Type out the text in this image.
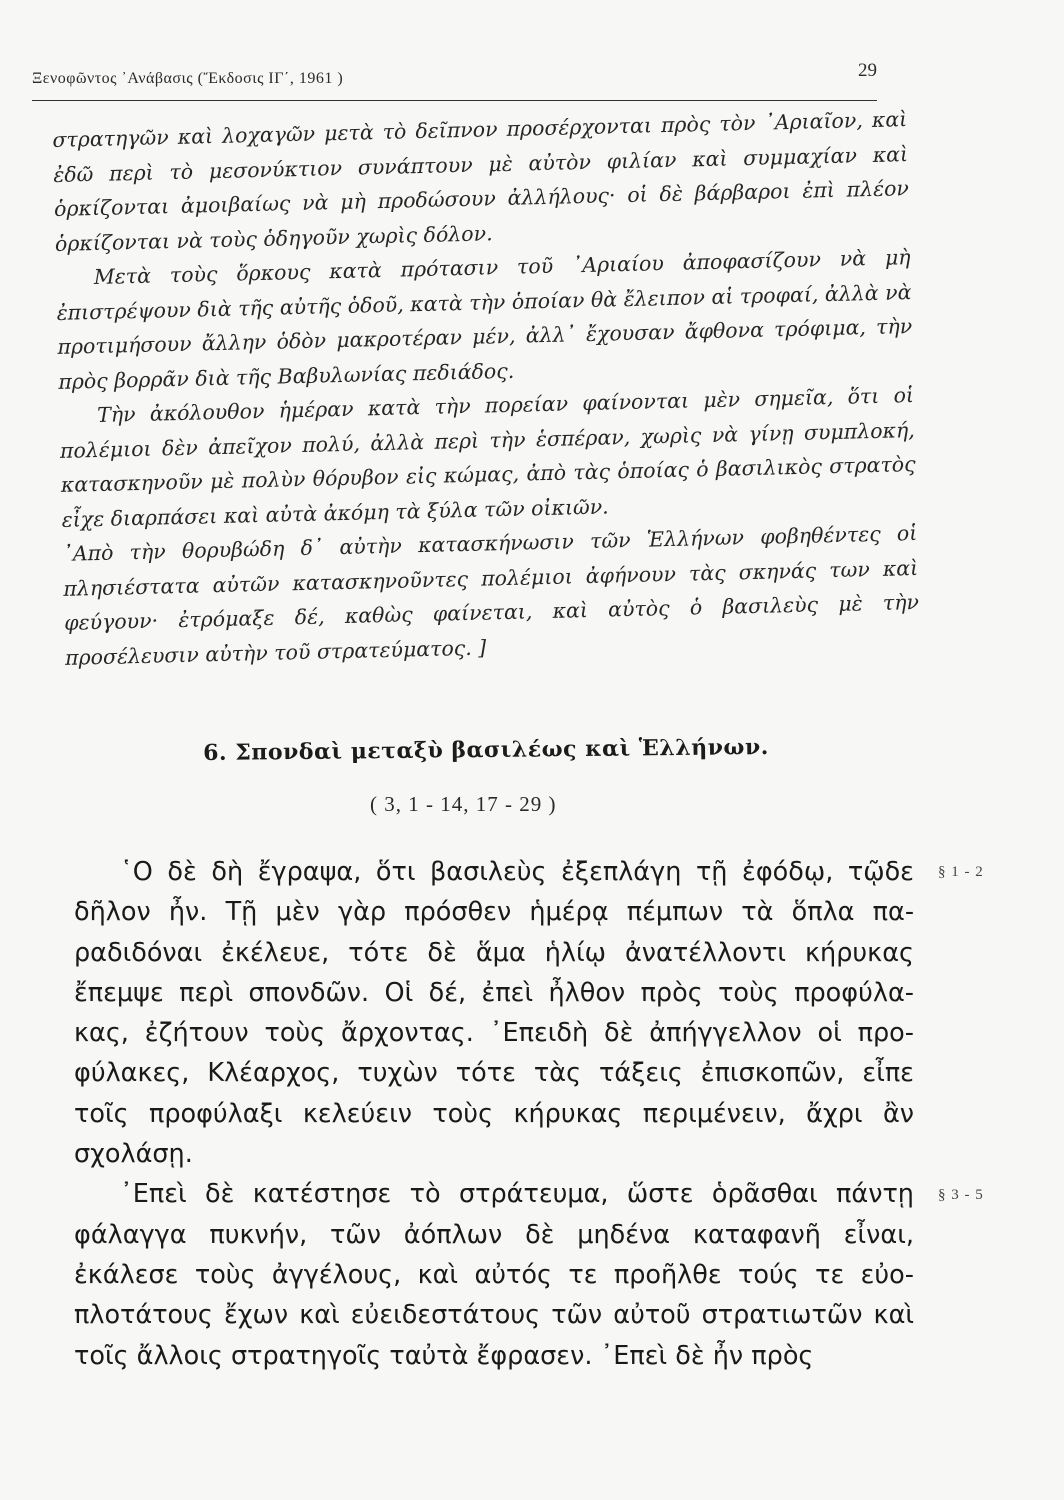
Ξενοφῶντος ᾿Ανάβασις (Ἔκδοσις ΙΓ΄, 1961 )	29

στρατηγῶν καὶ λοχαγῶν μετὰ τὸ δεῖπνον προσέρχονται πρὸς τὸν ᾿Αριαῖον, καὶ ἐδῶ περὶ τὸ μεσονύκτιον συνάπτουν μὲ αὐτὸν φιλίαν καὶ συμμαχίαν καὶ ὁρκίζονται ἀμοιβαίως νὰ μὴ προδώσουν ἀλλήλους· οἱ δὲ βάρβαροι ἐπὶ πλέον ὁρκίζονται νὰ τοὺς ὁδηγοῦν χωρὶς δόλον.

Μετὰ τοὺς ὅρκους κατὰ πρότασιν τοῦ ᾿Αριαίου ἀποφασίζουν νὰ μὴ ἐπιστρέψουν διὰ τῆς αὐτῆς ὁδοῦ, κατὰ τὴν ὁποίαν θὰ ἔλειπον αἱ τροφαί, ἀλλὰ νὰ προτιμήσουν ἄλλην ὁδὸν μακροτέραν μέν, ἀλλ᾿ ἔχουσαν ἄφθονα τρόφιμα, τὴν πρὸς βορρᾶν διὰ τῆς Βαβυλωνίας πεδιάδος.

Τὴν ἀκόλουθον ἡμέραν κατὰ τὴν πορείαν φαίνονται μὲν σημεῖα, ὅτι οἱ πολέμιοι δὲν ἀπεῖχον πολύ, ἀλλὰ περὶ τὴν ἑσπέραν, χωρὶς νὰ γίνῃ συμπλοκή, κατασκηνοῦν μὲ πολὺν θόρυβον εἰς κώμας, ἀπὸ τὰς ὁποίας ὁ βασιλικὸς στρατὸς εἶχε διαρπάσει καὶ αὐτὰ ἀκόμη τὰ ξύλα τῶν οἰκιῶν.

᾿Απὸ τὴν θορυβώδη δ᾿ αὐτὴν κατασκήνωσιν τῶν Ἑλλήνων φοβηθέντες οἱ πλησιέστατα αὐτῶν κατασκηνοῦντες πολέμιοι ἀφήνουν τὰς σκηνάς των καὶ φεύγουν· ἐτρόμαξε δέ, καθὼς φαίνεται, καὶ αὐτὸς ὁ βασιλεὺς μὲ τὴν προσέλευσιν αὐτὴν τοῦ στρατεύματος. ]

6. Σπονδαὶ μεταξὺ βασιλέως καὶ Ἑλλήνων.
( 3, 1 - 14, 17 - 29 )
῾Ο δὲ δὴ ἔγραψα, ὅτι βασιλεὺς ἐξεπλάγη τῇ ἐφόδῳ, τῷδε
δῆλον ἦν. Τῇ μὲν γὰρ πρόσθεν ἡμέρᾳ πέμπων τὰ ὅπλα πα-
ραδιδόναι ἐκέλευε, τότε δὲ ἅμα ἡλίῳ ἀνατέλλοντι κήρυκας
ἔπεμψε περὶ σπονδῶν. Οἱ δέ, ἐπεὶ ἦλθον πρὸς τοὺς προφύλα-
κας, ἐζήτουν τοὺς ἄρχοντας. ᾿Επειδὴ δὲ ἀπήγγελλον οἱ προ-
φύλακες, Κλέαρχος, τυχὼν τότε τὰς τάξεις ἐπισκοπῶν, εἶπε
τοῖς προφύλαξι κελεύειν τοὺς κήρυκας περιμένειν, ἄχρι ἂν
σχολάσῃ.
᾿Επεὶ δὲ κατέστησε τὸ στράτευμα, ὥστε ὁρᾶσθαι πάντῃ
φάλαγγα πυκνήν, τῶν ἀόπλων δὲ μηδένα καταφανῆ εἶναι,
ἐκάλεσε τοὺς ἀγγέλους, καὶ αὐτός τε προῆλθε τούς τε εὐο-
πλοτάτους ἔχων καὶ εὐειδεστάτους τῶν αὐτοῦ στρατιωτῶν καὶ
τοῖς ἄλλοις στρατηγοῖς ταὐτὰ ἔφρασεν. ᾿Επεὶ δὲ ἦν πρὸς
§ 1 - 2
§ 3 - 5
